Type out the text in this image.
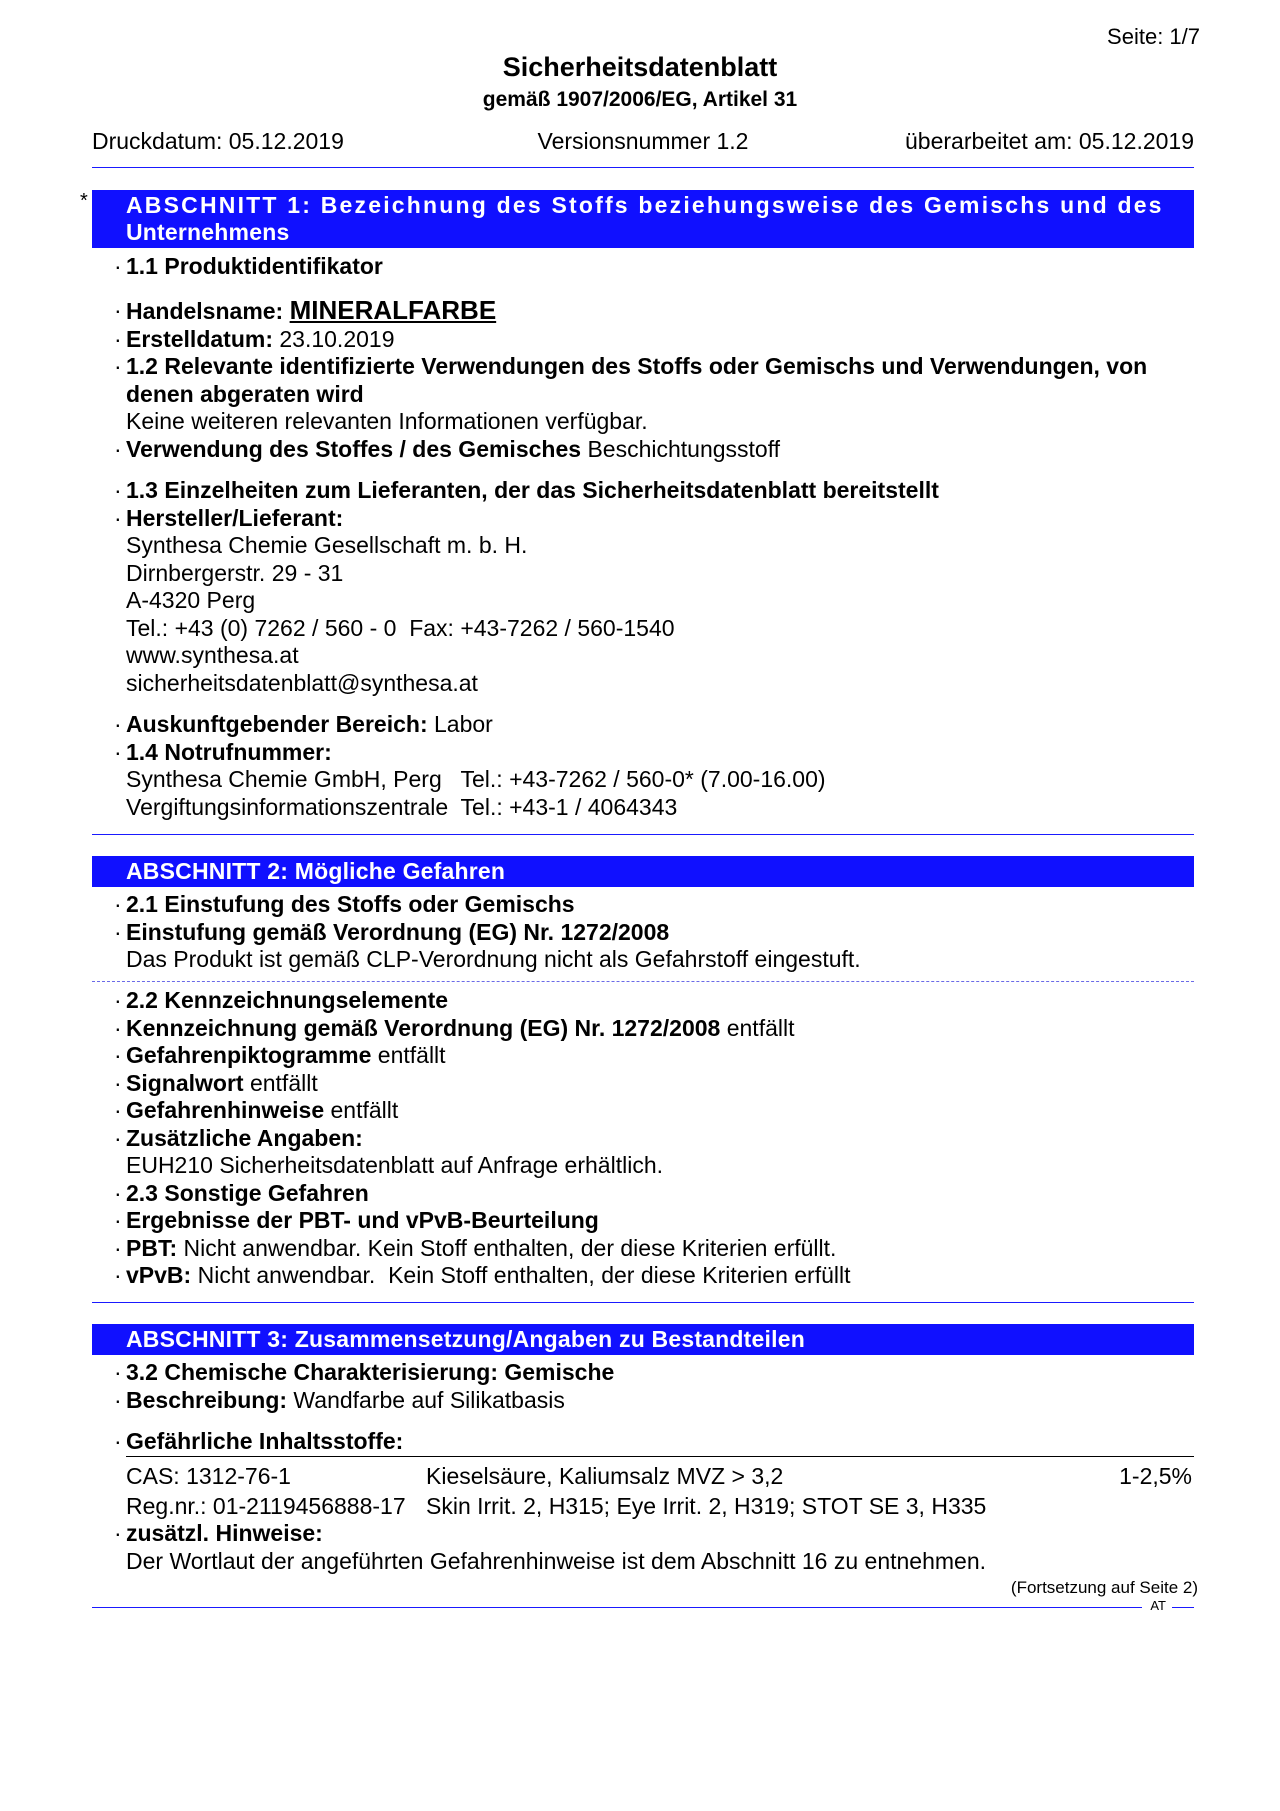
Seite: 1/7
Sicherheitsdatenblatt
gemäß 1907/2006/EG, Artikel 31
Druckdatum: 05.12.2019	Versionsnummer 1.2	überarbeitet am: 05.12.2019
* ABSCHNITT 1: Bezeichnung des Stoffs beziehungsweise des Gemischs und des
Unternehmens
· 1.1 Produktidentifikator
· Handelsname: MINERALFARBE
· Erstelldatum: 23.10.2019
· 1.2 Relevante identifizierte Verwendungen des Stoffs oder Gemischs und Verwendungen, von denen abgeraten wird
Keine weiteren relevanten Informationen verfügbar.
· Verwendung des Stoffes / des Gemisches Beschichtungsstoff
· 1.3 Einzelheiten zum Lieferanten, der das Sicherheitsdatenblatt bereitstellt
· Hersteller/Lieferant:
Synthesa Chemie Gesellschaft m. b. H.
Dirnbergerstr. 29 - 31
A-4320 Perg
Tel.: +43 (0) 7262 / 560 - 0  Fax: +43-7262 / 560-1540
www.synthesa.at
sicherheitsdatenblatt@synthesa.at
· Auskunftgebender Bereich: Labor
· 1.4 Notrufnummer:
Synthesa Chemie GmbH, Perg   Tel.: +43-7262 / 560-0* (7.00-16.00)
Vergiftungsinformationszentrale  Tel.: +43-1 / 4064343
ABSCHNITT 2: Mögliche Gefahren
· 2.1 Einstufung des Stoffs oder Gemischs
· Einstufung gemäß Verordnung (EG) Nr. 1272/2008
Das Produkt ist gemäß CLP-Verordnung nicht als Gefahrstoff eingestuft.
· 2.2 Kennzeichnungselemente
· Kennzeichnung gemäß Verordnung (EG) Nr. 1272/2008 entfällt
· Gefahrenpiktogramme entfällt
· Signalwort entfällt
· Gefahrenhinweise entfällt
· Zusätzliche Angaben:
EUH210 Sicherheitsdatenblatt auf Anfrage erhältlich.
· 2.3 Sonstige Gefahren
· Ergebnisse der PBT- und vPvB-Beurteilung
· PBT: Nicht anwendbar. Kein Stoff enthalten, der diese Kriterien erfüllt.
· vPvB: Nicht anwendbar.  Kein Stoff enthalten, der diese Kriterien erfüllt
ABSCHNITT 3: Zusammensetzung/Angaben zu Bestandteilen
· 3.2 Chemische Charakterisierung: Gemische
· Beschreibung: Wandfarbe auf Silikatbasis
· Gefährliche Inhaltsstoffe:
CAS: 1312-76-1	Kieselsäure, Kaliumsalz MVZ > 3,2	1-2,5%
Reg.nr.: 01-2119456888-17 Skin Irrit. 2, H315; Eye Irrit. 2, H319; STOT SE 3, H335
· zusätzl. Hinweise:
Der Wortlaut der angeführten Gefahrenhinweise ist dem Abschnitt 16 zu entnehmen.
(Fortsetzung auf Seite 2)
AT
